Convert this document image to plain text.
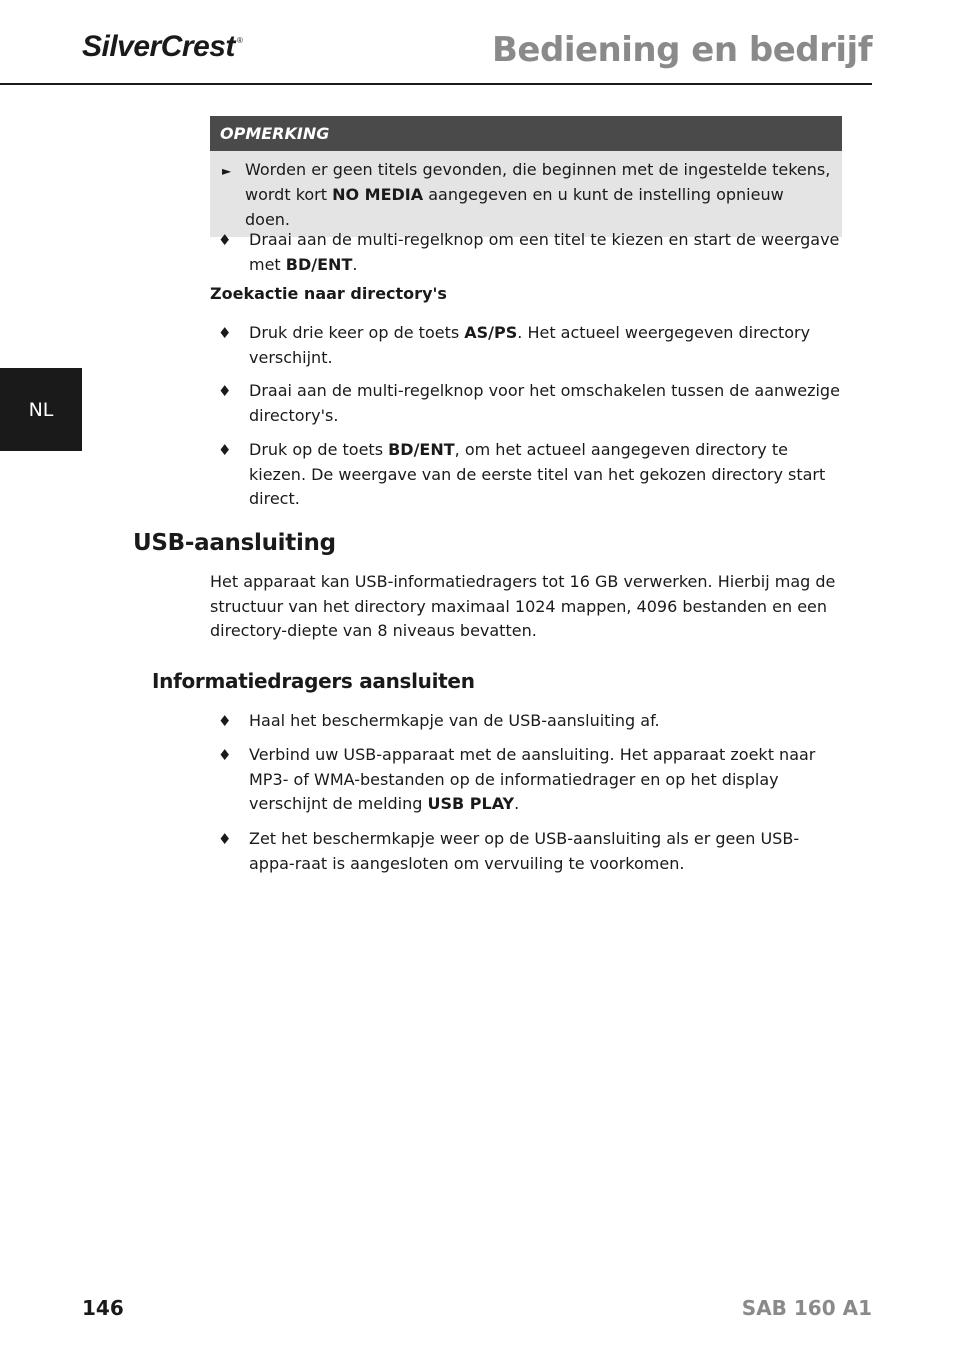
SilverCrest ®	Bediening en bedrijf
NL
OPMERKING
► Worden er geen titels gevonden, die beginnen met de ingestelde tekens, wordt kort NO MEDIA aangegeven en u kunt de instelling opnieuw doen.
♦ Draai aan de multi-regelknop om een titel te kiezen en start de weergave met BD/ENT.
Zoekactie naar directory's
♦ Druk drie keer op de toets AS/PS. Het actueel weergegeven directory verschijnt.
♦ Draai aan de multi-regelknop voor het omschakelen tussen de aanwezige directory's.
♦ Druk op de toets BD/ENT, om het actueel aangegeven directory te kiezen. De weergave van de eerste titel van het gekozen directory start direct.
USB-aansluiting
Het apparaat kan USB-informatiedragers tot 16 GB verwerken. Hierbij mag de structuur van het directory maximaal 1024 mappen, 4096 bestanden en een directory-diepte van 8 niveaus bevatten.
Informatiedragers aansluiten
♦ Haal het beschermkapje van de USB-aansluiting af.
♦ Verbind uw USB-apparaat met de aansluiting. Het apparaat zoekt naar MP3- of WMA-bestanden op de informatiedrager en op het display verschijnt de melding USB PLAY.
♦ Zet het beschermkapje weer op de USB-aansluiting als er geen USB-appa-raat is aangesloten om vervuiling te voorkomen.
146	SAB 160 A1
